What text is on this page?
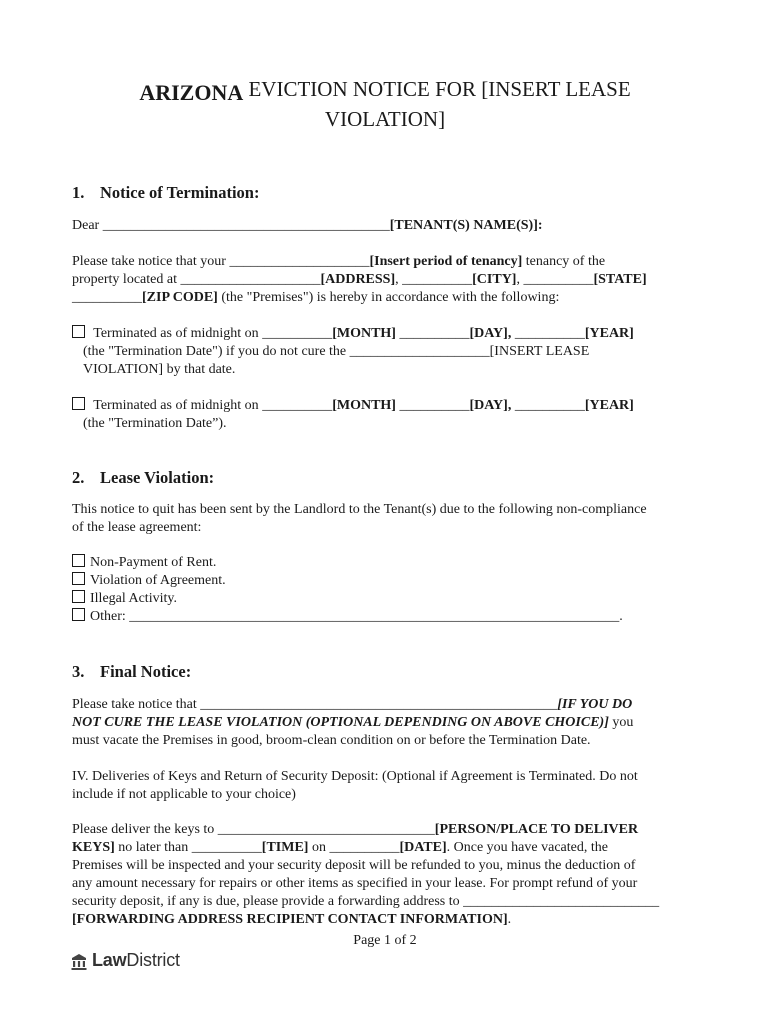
ARIZONA EVICTION NOTICE FOR [INSERT LEASE
VIOLATION]
1. Notice of Termination:
Dear _________________________________________[TENANT(S) NAME(S)]:
Please take notice that your ____________________[Insert period of tenancy] tenancy of the
property located at ____________________[ADDRESS], __________[CITY], __________[STATE]
__________[ZIP CODE] (the "Premises") is hereby in accordance with the following:
Terminated as of midnight on __________[MONTH] __________[DAY], __________[YEAR]
(the "Termination Date") if you do not cure the ____________________[INSERT LEASE
VIOLATION] by that date.
Terminated as of midnight on __________[MONTH] __________[DAY], __________[YEAR]
(the "Termination Date”).
2. Lease Violation:
This notice to quit has been sent by the Landlord to the Tenant(s) due to the following non-compliance
of the lease agreement:
Non-Payment of Rent.
Violation of Agreement.
Illegal Activity.
Other: ______________________________________________________________________.
3. Final Notice:
Please take notice that ___________________________________________________[IF YOU DO
NOT CURE THE LEASE VIOLATION (OPTIONAL DEPENDING ON ABOVE CHOICE)] you
must vacate the Premises in good, broom-clean condition on or before the Termination Date.
IV. Deliveries of Keys and Return of Security Deposit: (Optional if Agreement is Terminated. Do not
include if not applicable to your choice)
Please deliver the keys to _______________________________[PERSON/PLACE TO DELIVER
KEYS] no later than __________[TIME] on __________[DATE]. Once you have vacated, the
Premises will be inspected and your security deposit will be refunded to you, minus the deduction of
any amount necessary for repairs or other items as specified in your lease. For prompt refund of your
security deposit, if any is due, please provide a forwarding address to ____________________________
[FORWARDING ADDRESS RECIPIENT CONTACT INFORMATION].
Page 1 of 2
LawDistrict
